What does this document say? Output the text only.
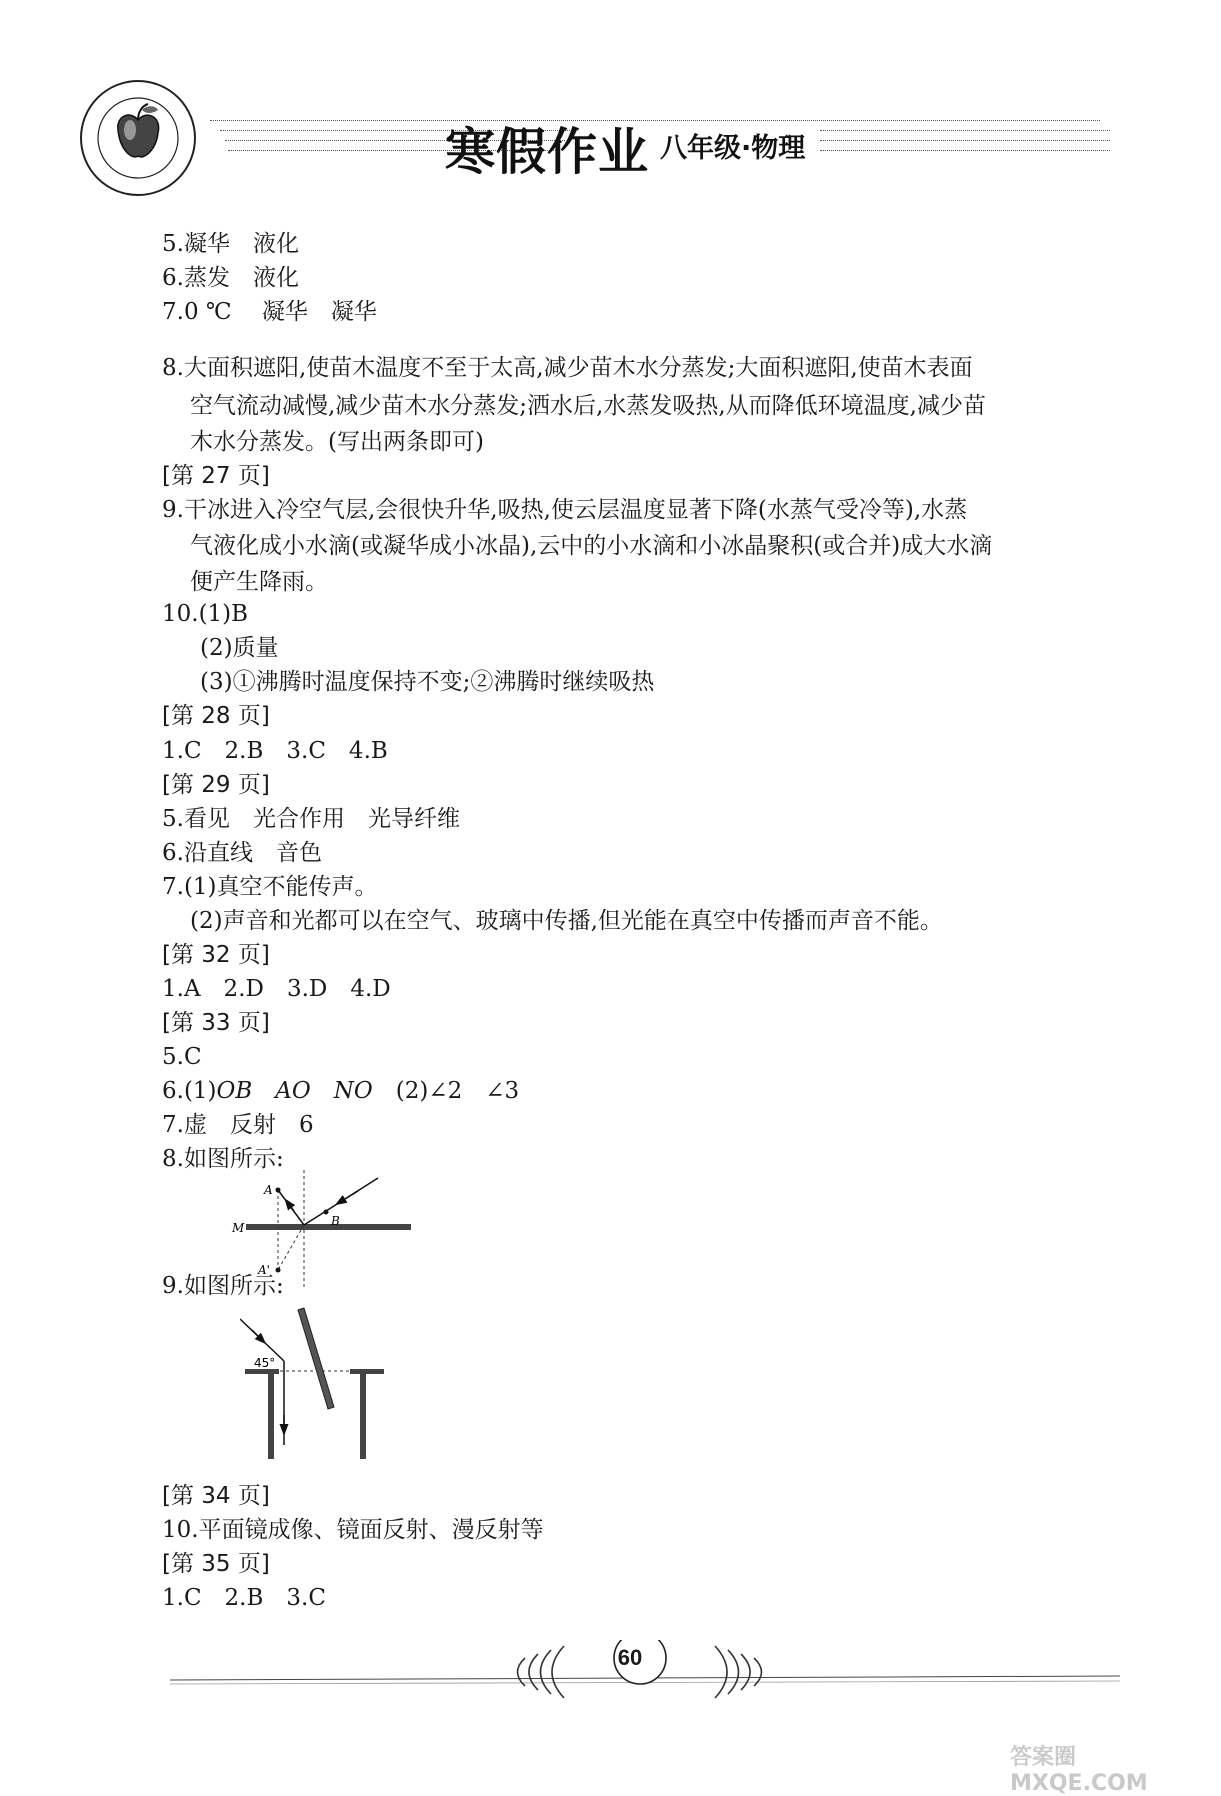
寒假作业 八年级·物理
5.凝华　液化
6.蒸发　液化
7.0 ℃　 凝华　凝华
8.大面积遮阳,使苗木温度不至于太高,减少苗木水分蒸发;大面积遮阳,使苗木表面
空气流动减慢,减少苗木水分蒸发;洒水后,水蒸发吸热,从而降低环境温度,减少苗
木水分蒸发。(写出两条即可)
[第 27 页]
9.干冰进入冷空气层,会很快升华,吸热,使云层温度显著下降(水蒸气受冷等),水蒸
气液化成小水滴(或凝华成小冰晶),云中的小水滴和小冰晶聚积(或合并)成大水滴
便产生降雨。
10.(1)B
(2)质量
(3)①沸腾时温度保持不变;②沸腾时继续吸热
[第 28 页]
1.C　2.B　3.C　4.B
[第 29 页]
5.看见　光合作用　光导纤维
6.沿直线　音色
7.(1)真空不能传声。
(2)声音和光都可以在空气、玻璃中传播,但光能在真空中传播而声音不能。
[第 32 页]
1.A　2.D　3.D　4.D
[第 33 页]
5.C
6.(1)OB　 AO　 NO　 (2)∠2　∠3
7.虚　反射　6
8.如图所示:
A
B
M
A'
9.如图所示:
45°
[第 34 页]
10.平面镜成像、镜面反射、漫反射等
[第 35 页]
1.C　2.B　3.C
60
答案圈 MXQE.COM
